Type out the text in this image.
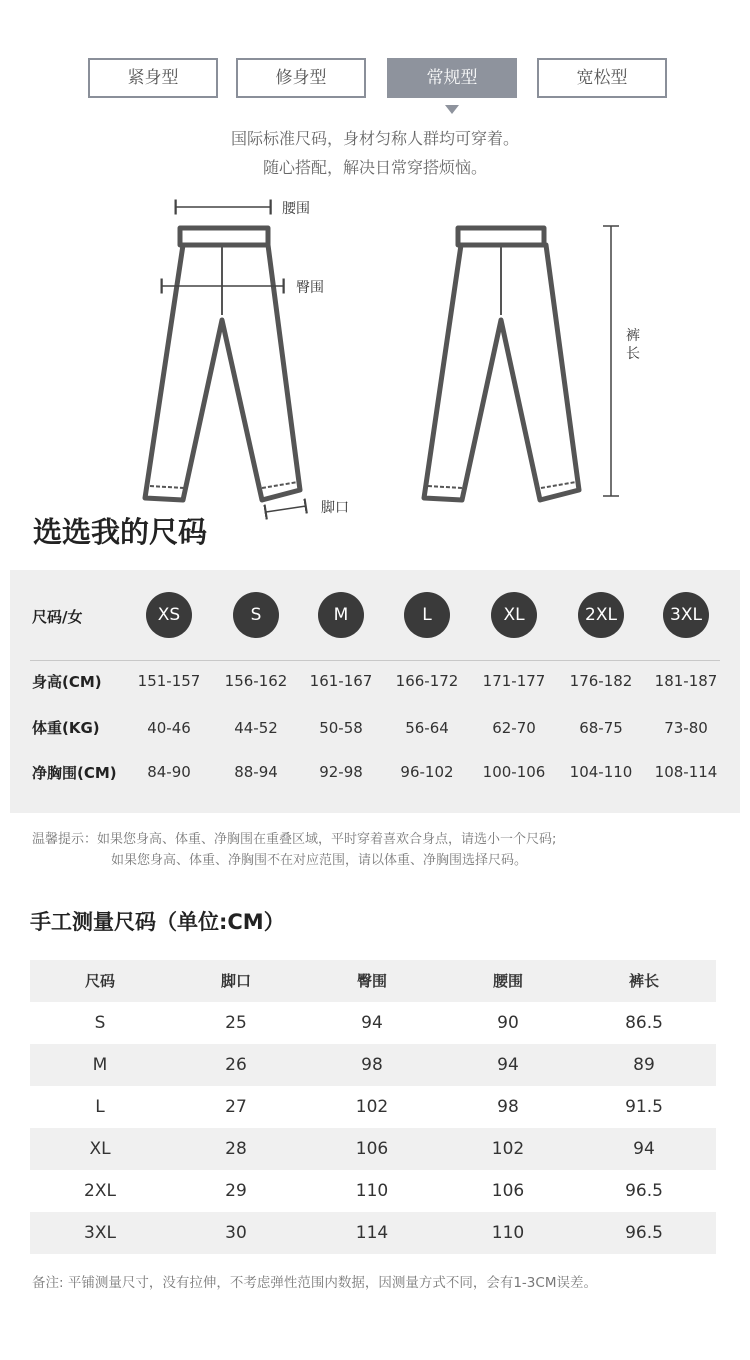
紧身型	修身型	常规型	宽松型
国际标准尺码，身材匀称人群均可穿着。
随心搭配，解决日常穿搭烦恼。
腰围
臀围
脚口
裤
长
选选我的尺码
尺码/女	XS	S	M	L	XL	2XL	3XL
身高(CM)	151-157	156-162	161-167	166-172	171-177	176-182	181-187
体重(KG)	40-46	44-52	50-58	56-64	62-70	68-75	73-80
净胸围(CM)	84-90	88-94	92-98	96-102	100-106	104-110	108-114
温馨提示：如果您身高、体重、净胸围在重叠区域，平时穿着喜欢合身点，请选小一个尺码;
如果您身高、体重、净胸围不在对应范围，请以体重、净胸围选择尺码。
手工测量尺码（单位:CM）
尺码	脚口	臀围	腰围	裤长
S	25	94	90	86.5
M	26	98	94	89
L	27	102	98	91.5
XL	28	106	102	94
2XL	29	110	106	96.5
3XL	30	114	110	96.5
备注: 平铺测量尺寸，没有拉伸，不考虑弹性范围内数据，因测量方式不同，会有1-3CM误差。
